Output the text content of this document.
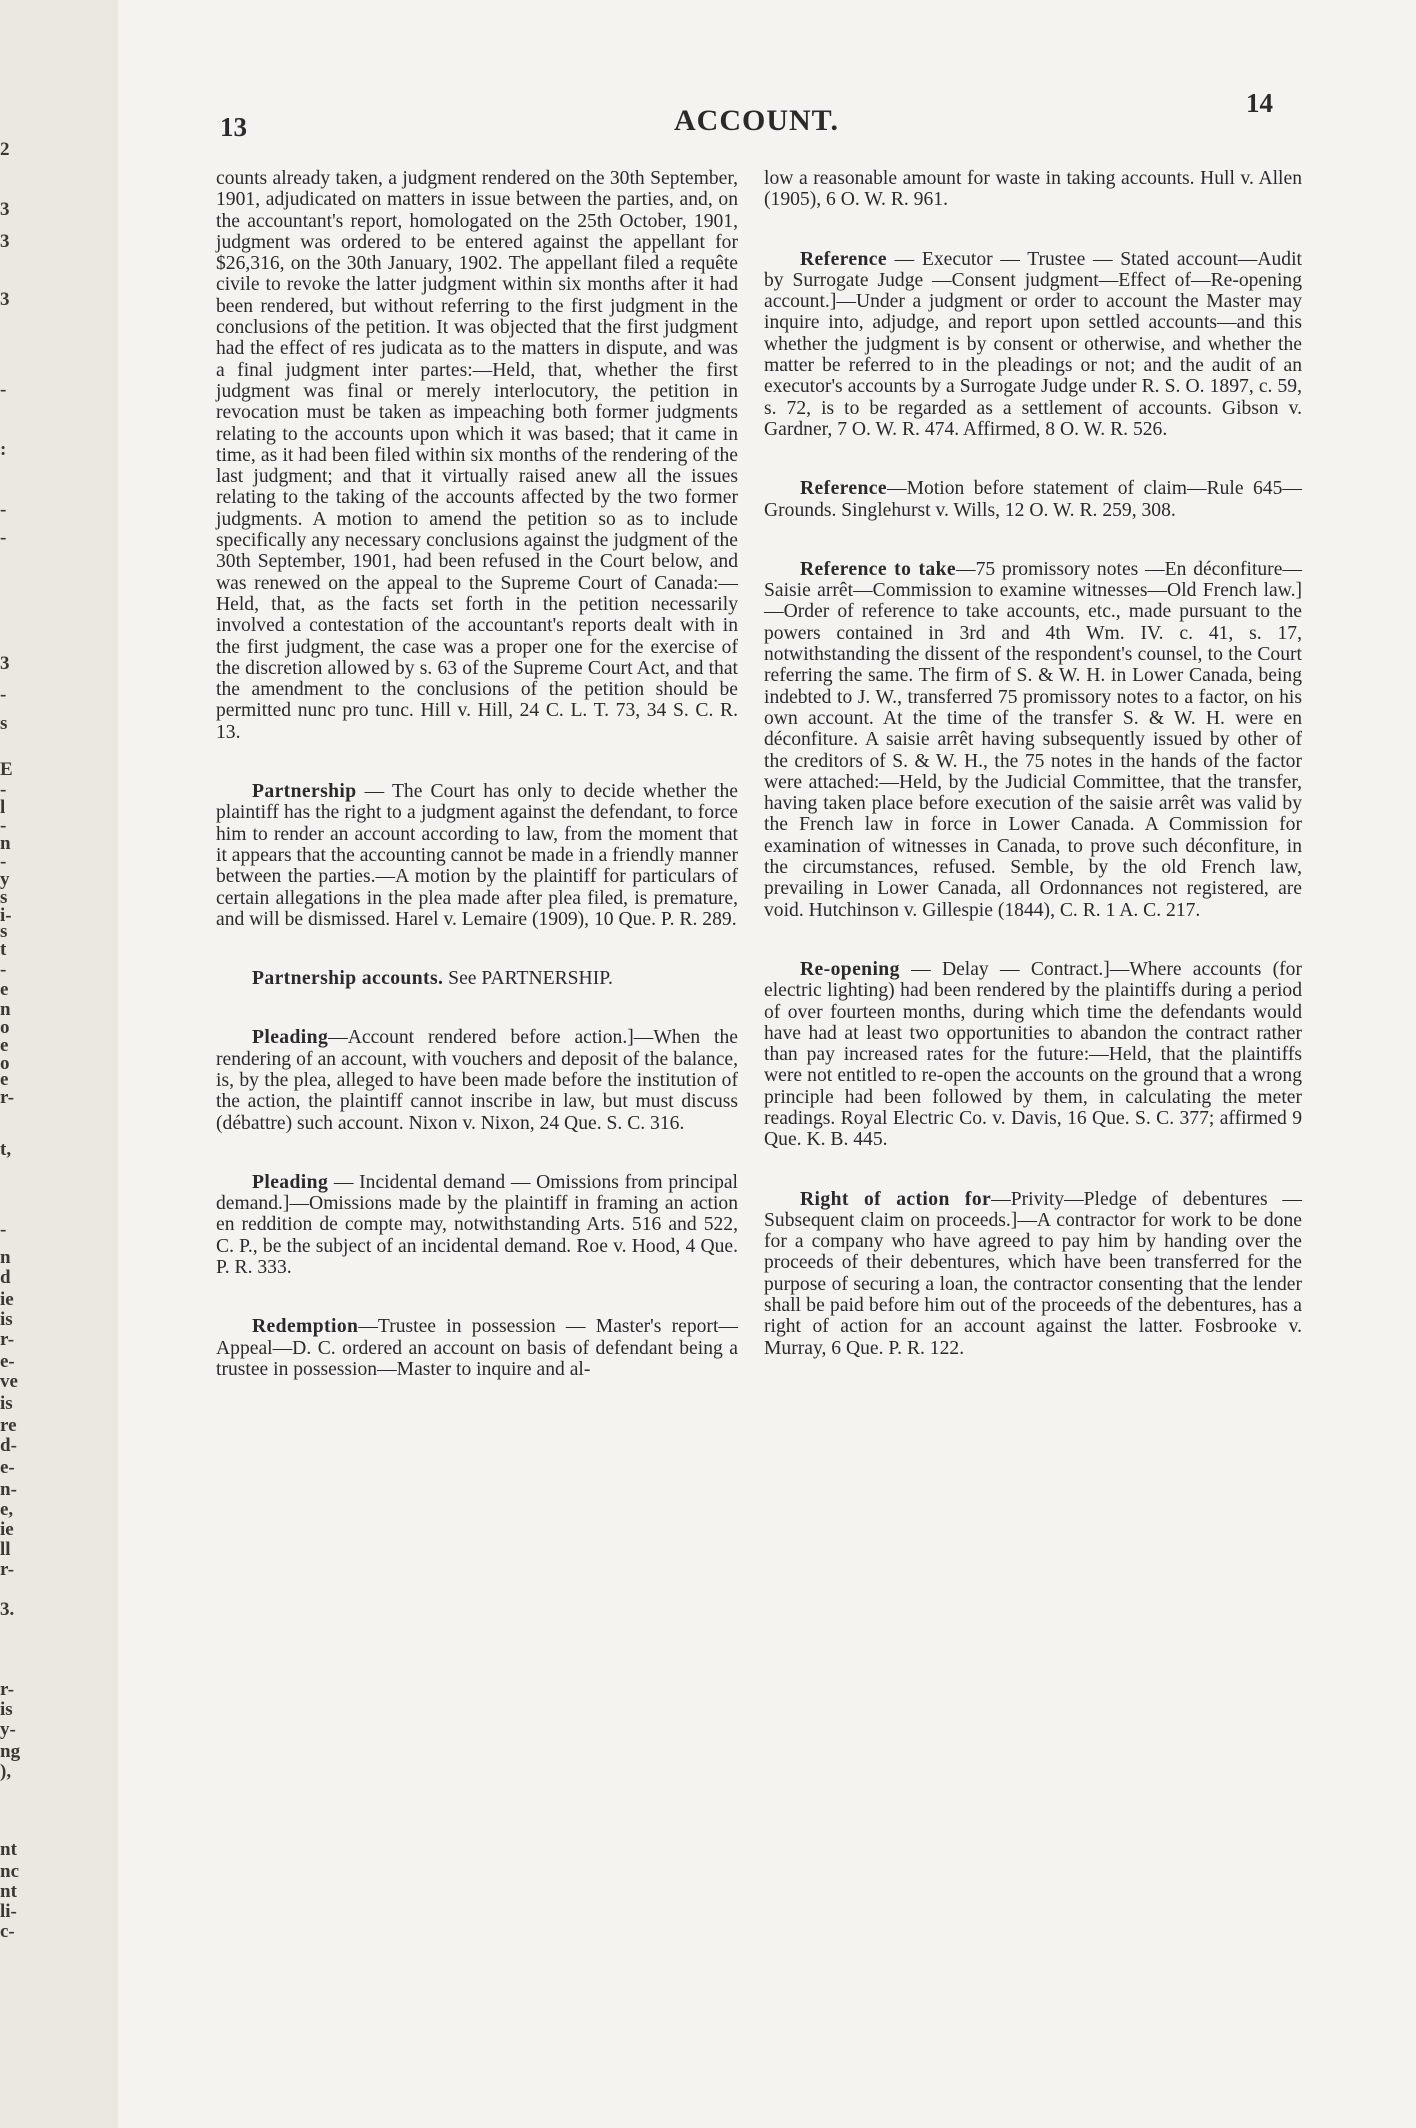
2
3
3
3
-
:
-
-
3
-
s
E
-
l
-
n
-
y
s
i-
s
t
-
e
n
o
e
o
e
r-
t,
-
n
d
ie
is
r-
e-
ve
is
re
d-
e-
n-
e,
ie
ll
r-
3.
r-
is
y-
ng
),
nt
nc
nt
li-
c-
13	ACCOUNT.
14

counts already taken, a judgment rendered on the 30th September, 1901, adjudicated on matters in issue between the parties, and, on the accountant's report, homologated on the 25th October, 1901, judgment was ordered to be entered against the appellant for $26,316, on the 30th January, 1902. The appellant filed a requête civile to revoke the latter judgment within six months after it had been rendered, but without referring to the first judgment in the conclusions of the petition. It was objected that the first judgment had the effect of res judicata as to the matters in dispute, and was a final judgment inter partes:—Held, that, whether the first judgment was final or merely interlocutory, the petition in revocation must be taken as impeaching both former judgments relating to the accounts upon which it was based; that it came in time, as it had been filed within six months of the rendering of the last judgment; and that it virtually raised anew all the issues relating to the taking of the accounts affected by the two former judgments. A motion to amend the petition so as to include specifically any necessary conclusions against the judgment of the 30th September, 1901, had been refused in the Court below, and was renewed on the appeal to the Supreme Court of Canada:—Held, that, as the facts set forth in the petition necessarily involved a contestation of the accountant's reports dealt with in the first judgment, the case was a proper one for the exercise of the discretion allowed by s. 63 of the Supreme Court Act, and that the amendment to the conclusions of the petition should be permitted nunc pro tunc. Hill v. Hill, 24 C. L. T. 73, 34 S. C. R. 13.

Partnership — The Court has only to decide whether the plaintiff has the right to a judgment against the defendant, to force him to render an account according to law, from the moment that it appears that the accounting cannot be made in a friendly manner between the parties.—A motion by the plaintiff for particulars of certain allegations in the plea made after plea filed, is premature, and will be dismissed. Harel v. Lemaire (1909), 10 Que. P. R. 289.

Partnership accounts. See PARTNERSHIP.

Pleading—Account rendered before action.]—When the rendering of an account, with vouchers and deposit of the balance, is, by the plea, alleged to have been made before the institution of the action, the plaintiff cannot inscribe in law, but must discuss (débattre) such account. Nixon v. Nixon, 24 Que. S. C. 316.

Pleading — Incidental demand — Omissions from principal demand.]—Omissions made by the plaintiff in framing an action en reddition de compte may, notwithstanding Arts. 516 and 522, C. P., be the subject of an incidental demand. Roe v. Hood, 4 Que. P. R. 333.

Redemption—Trustee in possession — Master's report—Appeal—D. C. ordered an account on basis of defendant being a trustee in possession—Master to inquire and al-

low a reasonable amount for waste in taking accounts. Hull v. Allen (1905), 6 O. W. R. 961.

Reference — Executor — Trustee — Stated account—Audit by Surrogate Judge —Consent judgment—Effect of—Re-opening account.]—Under a judgment or order to account the Master may inquire into, adjudge, and report upon settled accounts—and this whether the judgment is by consent or otherwise, and whether the matter be referred to in the pleadings or not; and the audit of an executor's accounts by a Surrogate Judge under R. S. O. 1897, c. 59, s. 72, is to be regarded as a settlement of accounts. Gibson v. Gardner, 7 O. W. R. 474. Affirmed, 8 O. W. R. 526.

Reference—Motion before statement of claim—Rule 645—Grounds. Singlehurst v. Wills, 12 O. W. R. 259, 308.

Reference to take—75 promissory notes —En déconfiture—Saisie arrêt—Commission to examine witnesses—Old French law.]—Order of reference to take accounts, etc., made pursuant to the powers contained in 3rd and 4th Wm. IV. c. 41, s. 17, notwithstanding the dissent of the respondent's counsel, to the Court referring the same. The firm of S. & W. H. in Lower Canada, being indebted to J. W., transferred 75 promissory notes to a factor, on his own account. At the time of the transfer S. & W. H. were en déconfiture. A saisie arrêt having subsequently issued by other of the creditors of S. & W. H., the 75 notes in the hands of the factor were attached:—Held, by the Judicial Committee, that the transfer, having taken place before execution of the saisie arrêt was valid by the French law in force in Lower Canada. A Commission for examination of witnesses in Canada, to prove such déconfiture, in the circumstances, refused. Semble, by the old French law, prevailing in Lower Canada, all Ordonnances not registered, are void. Hutchinson v. Gillespie (1844), C. R. 1 A. C. 217.

Re-opening — Delay — Contract.]—Where accounts (for electric lighting) had been rendered by the plaintiffs during a period of over fourteen months, during which time the defendants would have had at least two opportunities to abandon the contract rather than pay increased rates for the future:—Held, that the plaintiffs were not entitled to re-open the accounts on the ground that a wrong principle had been followed by them, in calculating the meter readings. Royal Electric Co. v. Davis, 16 Que. S. C. 377; affirmed 9 Que. K. B. 445.

Right of action for—Privity—Pledge of debentures — Subsequent claim on proceeds.]—A contractor for work to be done for a company who have agreed to pay him by handing over the proceeds of their debentures, which have been transferred for the purpose of securing a loan, the contractor consenting that the lender shall be paid before him out of the proceeds of the debentures, has a right of action for an account against the latter. Fosbrooke v. Murray, 6 Que. P. R. 122.
